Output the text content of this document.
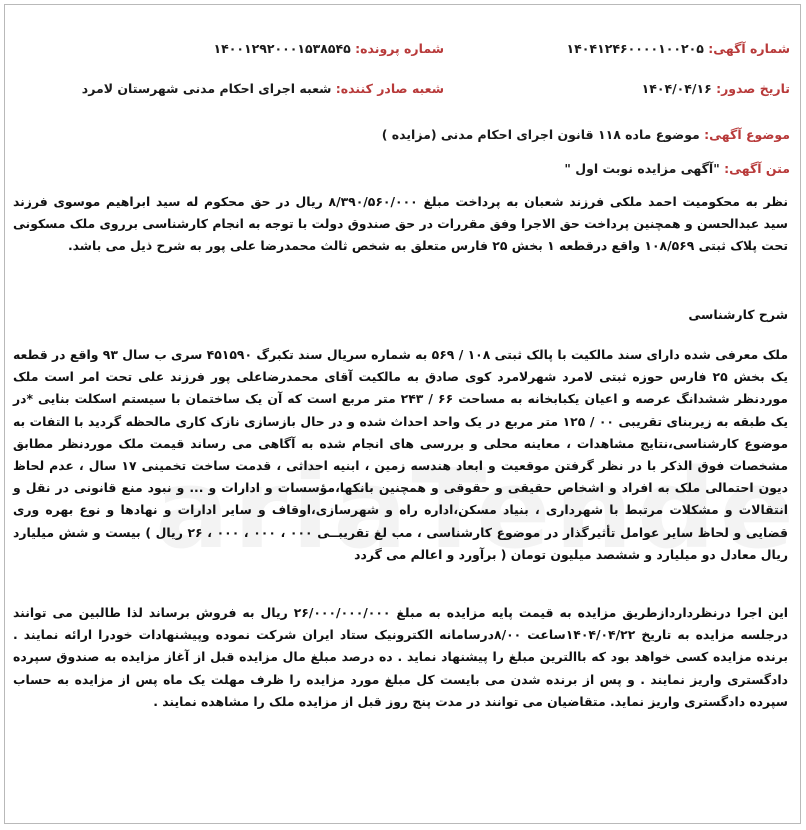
شماره آگهی: ۱۴۰۴۱۲۴۶۰۰۰۰۱۰۰۲۰۵
شماره پرونده: ۱۴۰۰۱۲۹۲۰۰۰۱۵۳۸۵۴۵
تاریخ صدور: ۱۴۰۴/۰۴/۱۶
شعبه صادر کننده: شعبه اجرای احکام مدنی شهرستان لامرد
موضوع آگهی: موضوع ماده ۱۱۸ قانون اجرای احکام مدنی (مزایده )
متن آگهی: "آگهی مزایده نوبت اول "
نظر به محکومیت احمد ملکی فرزند شعبان به پرداخت مبلغ ۸/۳۹۰/۵۶۰/۰۰۰ ریال در حق محکوم له سید ابراهیم موسوی فرزند سید عبدالحسن و همچنین پرداخت حق الاجرا وفق مقررات در حق صندوق دولت با توجه به انجام کارشناسی برروی ملک مسکونی تحت پلاک ثبتی ۱۰۸/۵۶۹ واقع درقطعه ۱ بخش ۲۵ فارس متعلق به شخص ثالث محمدرضا علی پور به شرح ذیل می باشد.
شرح کارشناسی
ملک معرفی شده دارای سند مالکیت با پالک ثبتی ۱۰۸ / ۵۶۹ به شماره سریال سند تکبرگ ۴۵۱۵۹۰ سری ب سال ۹۳ واقع در قطعه یک بخش ۲۵ فارس حوزه ثبتی لامرد شهرلامرد کوی صادق به مالکیت آقای محمدرضاعلی پور فرزند علی تحت امر است ملک موردنظر ششدانگ عرصه و اعیان یکبابخانه به مساحت ۶۶ / ۲۴۳ متر مربع است که آن یک ساختمان با سیستم اسکلت بنایی *در یک طبقه به زیربنای تقریبی ۰۰ / ۱۲۵ متر مربع در یک واحد احداث شده و در حال بازسازی نازک کاری مالحظه گردید با التفات به موضوع کارشناسی،نتایج مشاهدات ، معاینه محلی و بررسی های انجام شده به آگاهی می رساند قیمت ملک موردنظر مطابق مشخصات فوق الذکر با در نظر گرفتن موقعیت و ابعاد هندسه زمین ، ابنیه احداثی ، قدمت ساخت تخمینی ۱۷ سال ، عدم لحاظ دیون احتمالی ملک به افراد و اشخاص حقیقی و حقوقی و همچنین بانکها،مؤسسات و ادارات و ... و نبود منع قانونی در نقل و انتقالات و مشکلات مرتبط با شهرداری ، بنیاد مسکن،اداره راه و شهرسازی،اوقاف و سایر ادارات و نهادها و نوع بهره وری قضایی و لحاظ سایر عوامل تأثیرگذار در موضوع کارشناسی ، مب لغ تقریبــی ۰۰۰ ، ۰۰۰ ، ۰۰۰ ، ۲۶ ریال ) بیست و شش میلیارد ریال معادل دو میلیارد و ششصد میلیون تومان ( برآورد و اعالم می گردد
این اجرا درنظرداردازطریق مزایده به قیمت پایه مزایده به مبلغ ۲۶/۰۰۰/۰۰۰/۰۰۰ ریال به فروش برساند لذا طالبین می توانند درجلسه مزایده به تاریخ ۱۴۰۴/۰۴/۲۲ساعت ۸/۰۰درسامانه الکترونیک ستاد ایران شرکت نموده وپیشنهادات خودرا ارائه نمایند . برنده مزایده کسی خواهد بود که باالترین مبلغ را پیشنهاد نماید . ده درصد مبلغ مال مزایده قبل از آغاز مزایده به صندوق سپرده دادگستری واریز نمایند . و پس از برنده شدن می بایست کل مبلغ مورد مزایده را ظرف مهلت یک ماه پس از مزایده به حساب سپرده دادگستری واریز نماید. متقاضیان می توانند در مدت پنج روز قبل از مزایده ملک را مشاهده نمایند .
